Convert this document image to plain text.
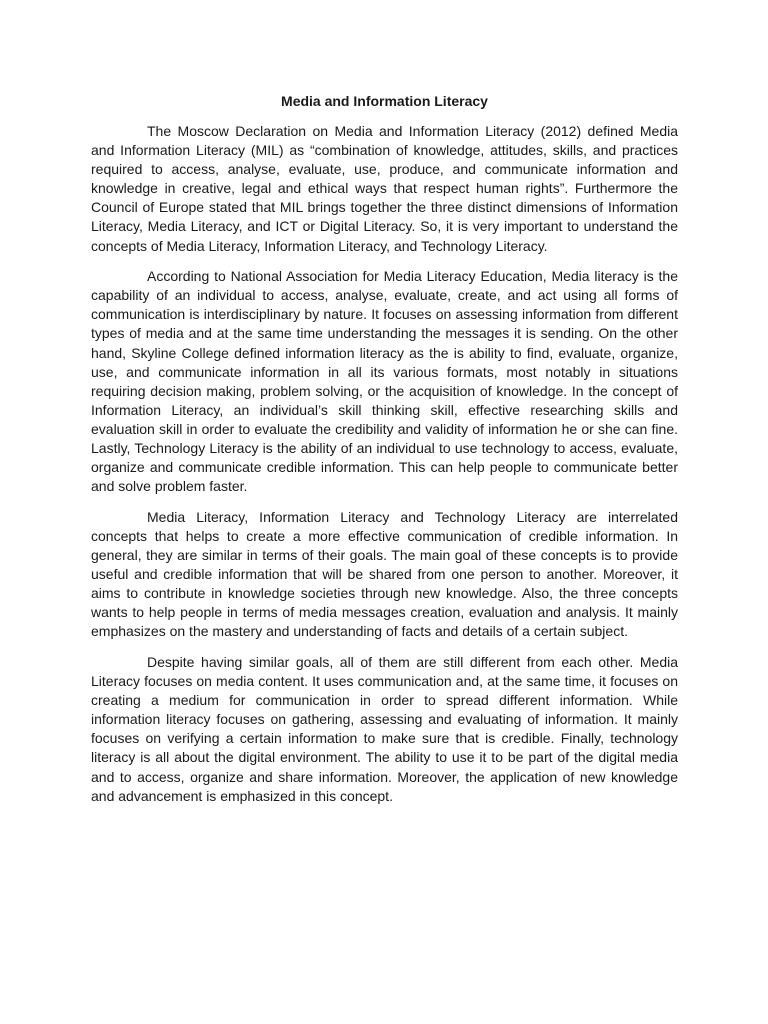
Media and Information Literacy

The Moscow Declaration on Media and Information Literacy (2012) defined Media and Information Literacy (MIL) as “combination of knowledge, attitudes, skills, and practices required to access, analyse, evaluate, use, produce, and communicate information and knowledge in creative, legal and ethical ways that respect human rights”. Furthermore the Council of Europe stated that MIL brings together the three distinct dimensions of Information Literacy, Media Literacy, and ICT or Digital Literacy. So, it is very important to understand the concepts of Media Literacy, Information Literacy, and Technology Literacy.

According to National Association for Media Literacy Education, Media literacy is the capability of an individual to access, analyse, evaluate, create, and act using all forms of communication is interdisciplinary by nature. It focuses on assessing information from different types of media and at the same time understanding the messages it is sending. On the other hand, Skyline College defined information literacy as the is ability to find, evaluate, organize, use, and communicate information in all its various formats, most notably in situations requiring decision making, problem solving, or the acquisition of knowledge. In the concept of Information Literacy, an individual’s skill thinking skill, effective researching skills and evaluation skill in order to evaluate the credibility and validity of information he or she can fine. Lastly, Technology Literacy is the ability of an individual to use technology to access, evaluate, organize and communicate credible information. This can help people to communicate better and solve problem faster.

Media Literacy, Information Literacy and Technology Literacy are interrelated concepts that helps to create a more effective communication of credible information. In general, they are similar in terms of their goals. The main goal of these concepts is to provide useful and credible information that will be shared from one person to another. Moreover, it aims to contribute in knowledge societies through new knowledge. Also, the three concepts wants to help people in terms of media messages creation, evaluation and analysis. It mainly emphasizes on the mastery and understanding of facts and details of a certain subject.

Despite having similar goals, all of them are still different from each other. Media Literacy focuses on media content. It uses communication and, at the same time, it focuses on creating a medium for communication in order to spread different information. While information literacy focuses on gathering, assessing and evaluating of information. It mainly focuses on verifying a certain information to make sure that is credible. Finally, technology literacy is all about the digital environment. The ability to use it to be part of the digital media and to access, organize and share information. Moreover, the application of new knowledge and advancement is emphasized in this concept.
